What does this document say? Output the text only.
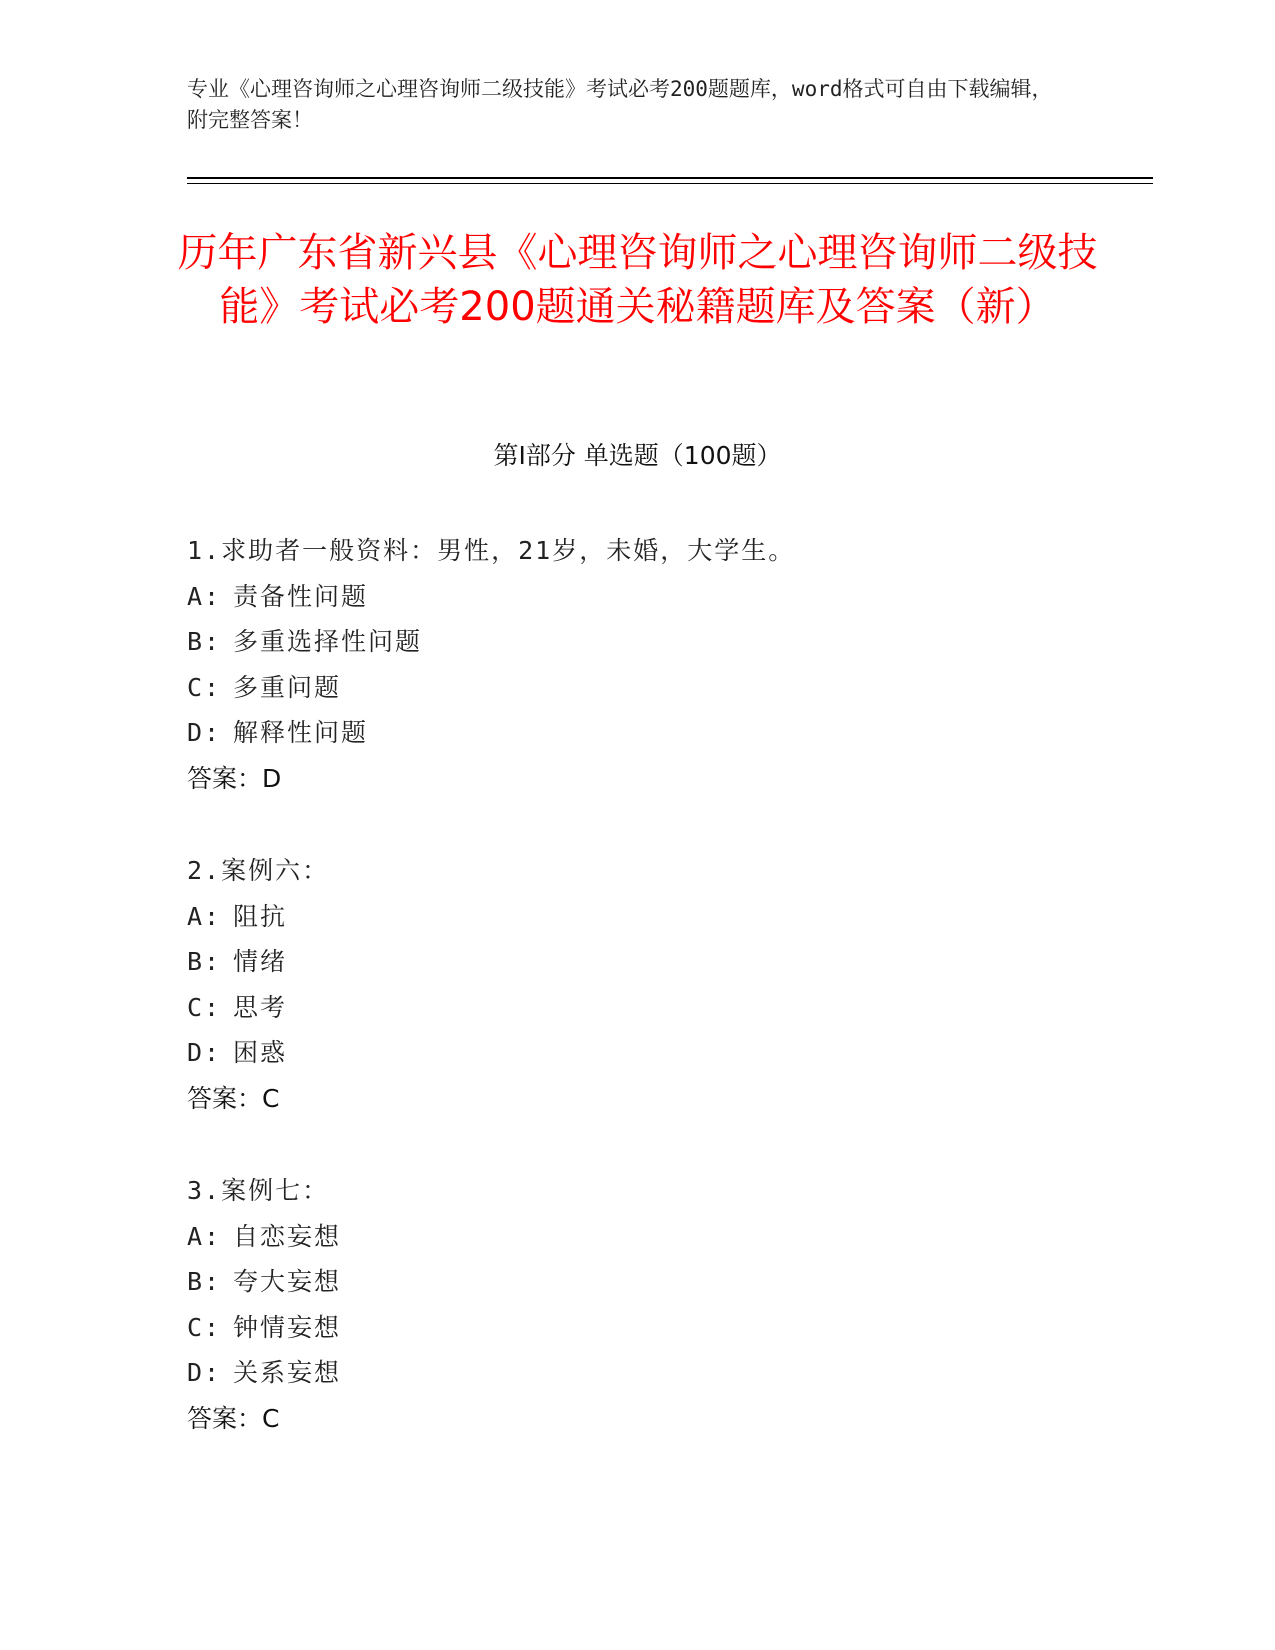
专业《心理咨询师之心理咨询师二级技能》考试必考200题题库，word格式可自由下载编辑，附完整答案！
历年广东省新兴县《心理咨询师之心理咨询师二级技能》考试必考200题通关秘籍题库及答案（新）
第Ⅰ部分 单选题（100题）
1.求助者一般资料：男性，21岁，未婚，大学生。
A: 责备性问题
B: 多重选择性问题
C: 多重问题
D: 解释性问题
答案：D
2.案例六：
A: 阻抗
B: 情绪
C: 思考
D: 困惑
答案：C
3.案例七：
A: 自恋妄想
B: 夸大妄想
C: 钟情妄想
D: 关系妄想
答案：C
